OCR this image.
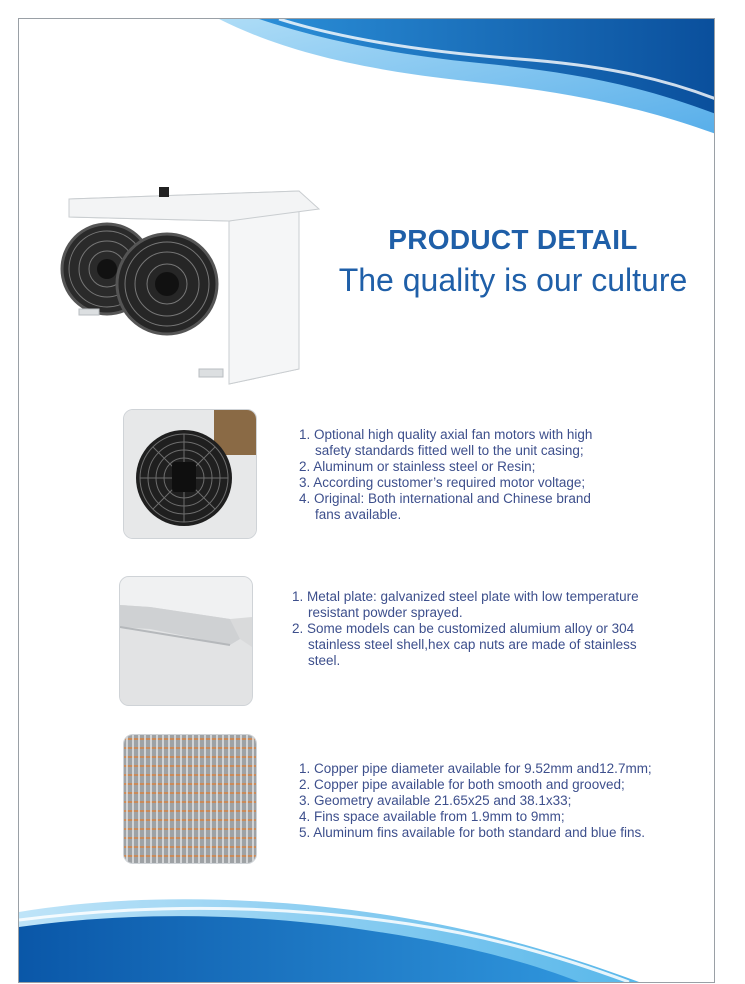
PRODUCT DETAIL
The quality is our culture
1. Optional high quality axial fan motors with high
safety standards fitted well to the unit casing;
2. Aluminum or stainless steel or Resin;
3. According customer’s required motor voltage;
4. Original: Both international and Chinese brand
fans available.
1. Metal plate: galvanized steel plate with low temperature
resistant powder sprayed.
2. Some models can be customized alumium alloy or 304
stainless steel shell,hex cap nuts are made of stainless
steel.
1. Copper pipe diameter available for 9.52mm and12.7mm;
2. Copper pipe available for both smooth and grooved;
3. Geometry available 21.65x25 and 38.1x33;
4. Fins space available from 1.9mm to 9mm;
5. Aluminum fins available for both standard and blue fins.
